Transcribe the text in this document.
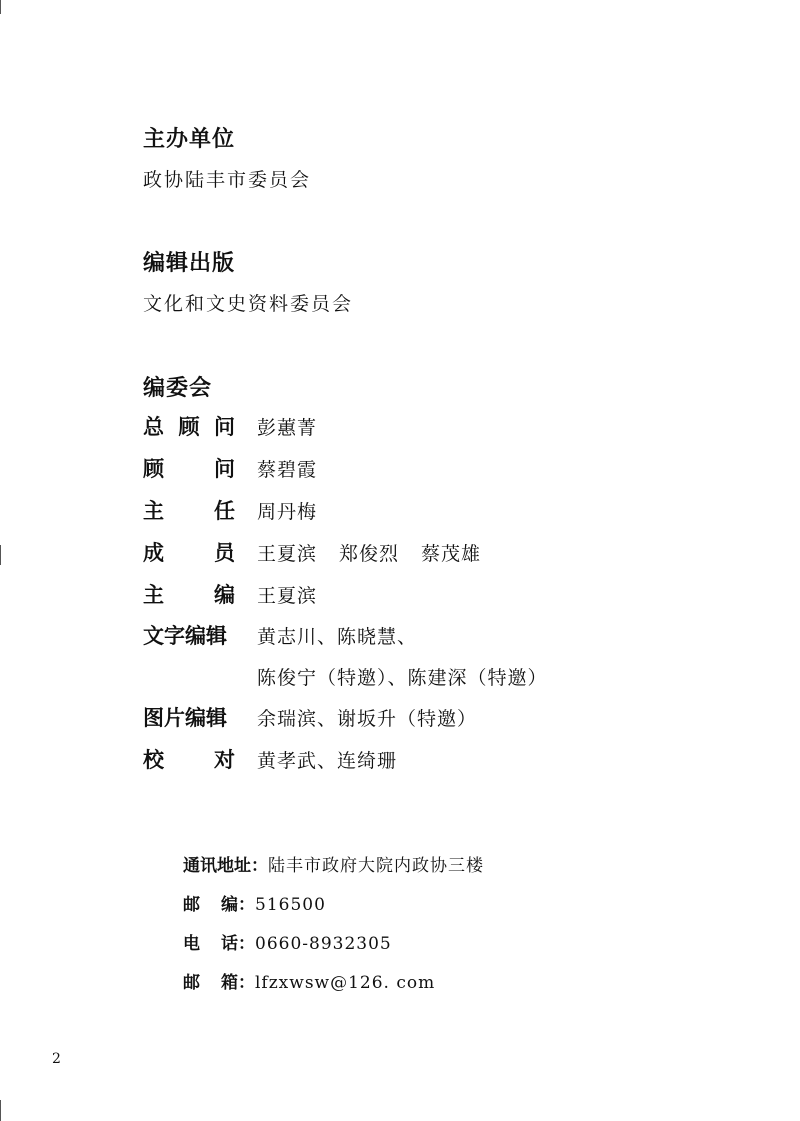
主办单位
政协陆丰市委员会
编辑出版
文化和文史资料委员会
编委会
总 顾 问 彭蕙菁
顾 问 蔡碧霞
主 任 周丹梅
成 员 王夏滨 郑俊烈 蔡茂雄
主 编 王夏滨
文字编辑	黄志川、陈晓慧、
陈俊宁（特邀）、陈建深（特邀）
图片编辑	余瑞滨、谢坂升（特邀）
校 对 黄孝武、连绮珊
通讯地址：陆丰市政府大院内政协三楼
邮 编： 516500
电 话： 0660-8932305
邮 箱： lfzxwsw@126. com
2
